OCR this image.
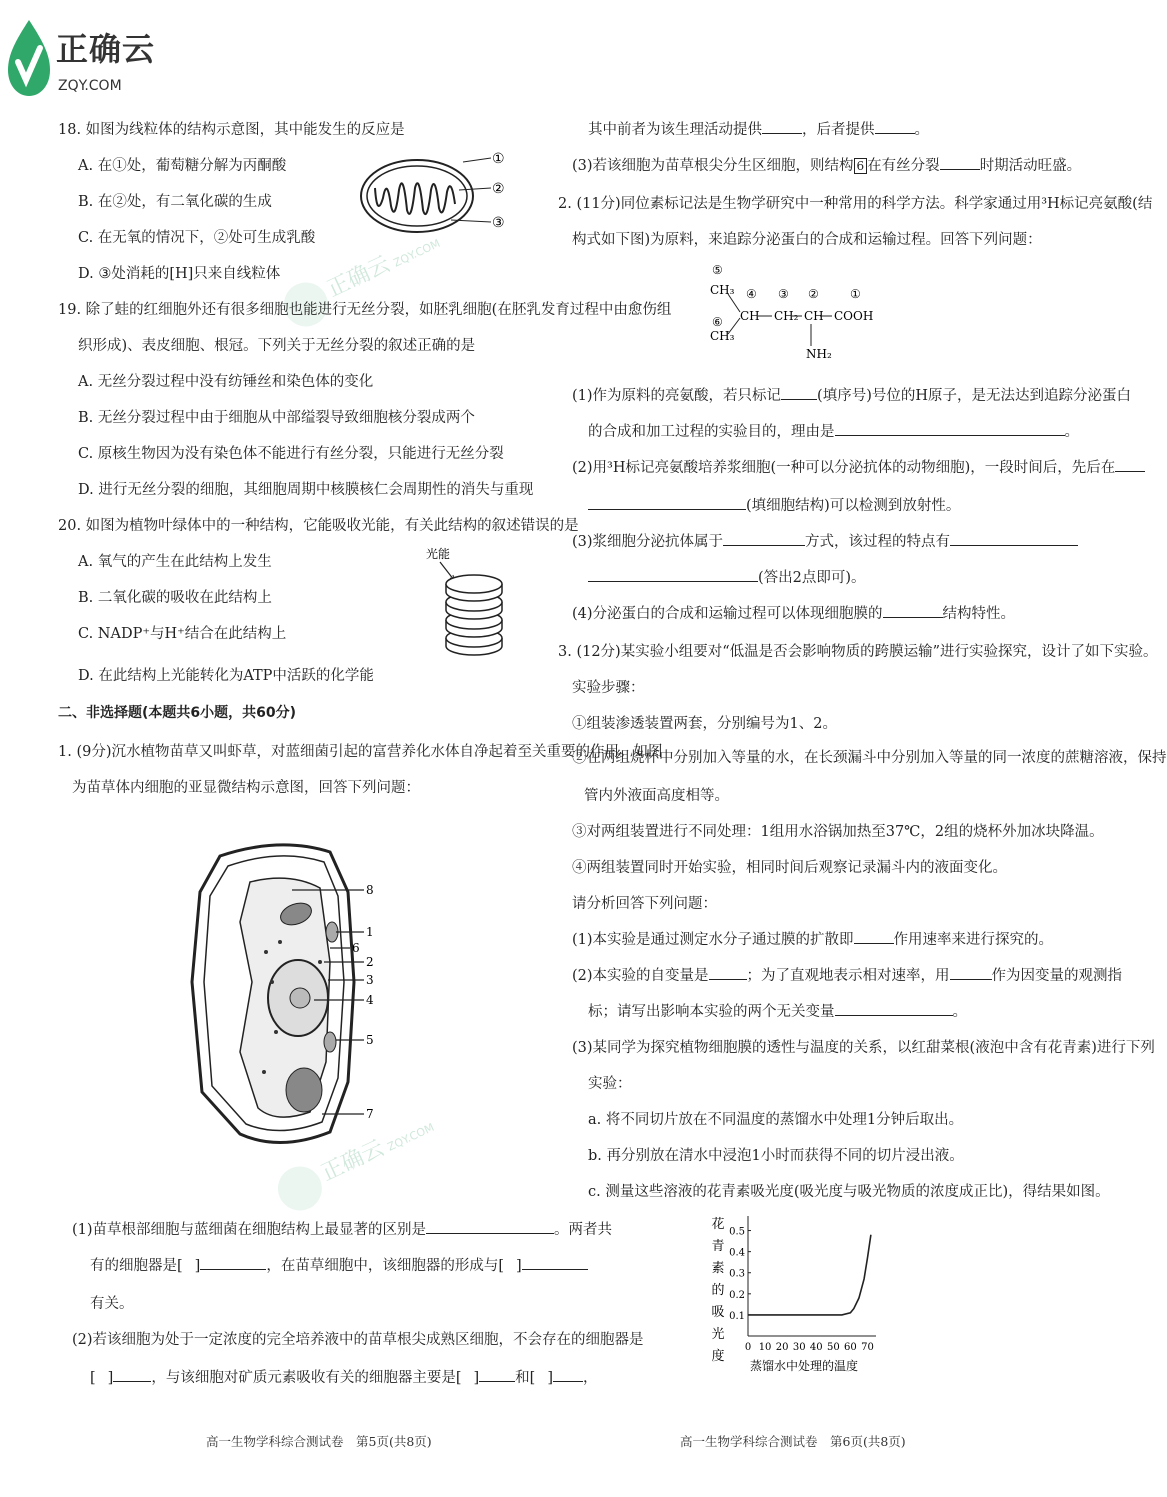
正确云
ZQY.COM
正确云 ZQY.COM
正确云 ZQY.COM
18. 如图为线粒体的结构示意图，其中能发生的反应是
A. 在①处，葡萄糖分解为丙酮酸
B. 在②处，有二氧化碳的生成
C. 在无氧的情况下，②处可生成乳酸
D. ③处消耗的[H]只来自线粒体
①
②
③
19. 除了蛙的红细胞外还有很多细胞也能进行无丝分裂，如胚乳细胞(在胚乳发育过程中由愈伤组
织形成)、表皮细胞、根冠。下列关于无丝分裂的叙述正确的是
A. 无丝分裂过程中没有纺锤丝和染色体的变化
B. 无丝分裂过程中由于细胞从中部缢裂导致细胞核分裂成两个
C. 原核生物因为没有染色体不能进行有丝分裂，只能进行无丝分裂
D. 进行无丝分裂的细胞，其细胞周期中核膜核仁会周期性的消失与重现
20. 如图为植物叶绿体中的一种结构，它能吸收光能，有关此结构的叙述错误的是
A. 氧气的产生在此结构上发生
B. 二氧化碳的吸收在此结构上
C. NADP⁺与H⁺结合在此结构上
D. 在此结构上光能转化为ATP中活跃的化学能
光能
二、非选择题(本题共6小题，共60分)
1. (9分)沉水植物苗草又叫虾草，对蓝细菌引起的富营养化水体自净起着至关重要的作用。如图
为苗草体内细胞的亚显微结构示意图，回答下列问题：
8
1
6
2
3
4
5
7
(1)苗草根部细胞与蓝细菌在细胞结构上最显著的区别是	。两者共
有的细胞器是[ ]	，在苗草细胞中，该细胞器的形成与[ ]
有关。
(2)若该细胞为处于一定浓度的完全培养液中的苗草根尖成熟区细胞，不会存在的细胞器是
[ ]	，与该细胞对矿质元素吸收有关的细胞器主要是[ ] 和[ ] ，
高一生物学科综合测试卷　第5页(共8页)
其中前者为该生理活动提供	，后者提供	。
(3)若该细胞为苗草根尖分生区细胞，则结构 6 在有丝分裂	时期活动旺盛。
2. (11分)同位素标记法是生物学研究中一种常用的科学方法。科学家通过用³H标记亮氨酸(结
构式如下图)为原料，来追踪分泌蛋白的合成和运输过程。回答下列问题：
⑤
CH₃
⑥
CH₃
④ ③ ②	①
CH CH₂ CH COOH
NH₂
(1)作为原料的亮氨酸，若只标记 (填序号)号位的H原子，是无法达到追踪分泌蛋白
的合成和加工过程的实验目的，理由是	。
(2)用³H标记亮氨酸培养浆细胞(一种可以分泌抗体的动物细胞)，一段时间后，先后在
(填细胞结构)可以检测到放射性。
(3)浆细胞分泌抗体属于	方式，该过程的特点有
(答出2点即可)。
(4)分泌蛋白的合成和运输过程可以体现细胞膜的	结构特性。
3. (12分)某实验小组要对“低温是否会影响物质的跨膜运输”进行实验探究，设计了如下实验。
实验步骤：
①组装渗透装置两套，分别编号为1、2。
②在两组烧杯中分别加入等量的水，在长颈漏斗中分别加入等量的同一浓度的蔗糖溶液，保持
管内外液面高度相等。
③对两组装置进行不同处理：1组用水浴锅加热至37℃，2组的烧杯外加冰块降温。
④两组装置同时开始实验，相同时间后观察记录漏斗内的液面变化。
请分析回答下列问题：
(1)本实验是通过测定水分子通过膜的扩散即	作用速率来进行探究的。
(2)本实验的自变量是	；为了直观地表示相对速率，用	作为因变量的观测指
标；请写出影响本实验的两个无关变量	。
(3)某同学为探究植物细胞膜的透性与温度的关系，以红甜菜根(液泡中含有花青素)进行下列
实验：
a. 将不同切片放在不同温度的蒸馏水中处理1分钟后取出。
b. 再分别放在清水中浸泡1小时而获得不同的切片浸出液。
c. 测量这些溶液的花青素吸光度(吸光度与吸光物质的浓度成正比)，得结果如图。
0.1
0.2
0.3
0.4
0.5
0 10 20 30 40 50 60 70
花
青
素
的
吸
光
度
蒸馏水中处理的温度
高一生物学科综合测试卷　第6页(共8页)
